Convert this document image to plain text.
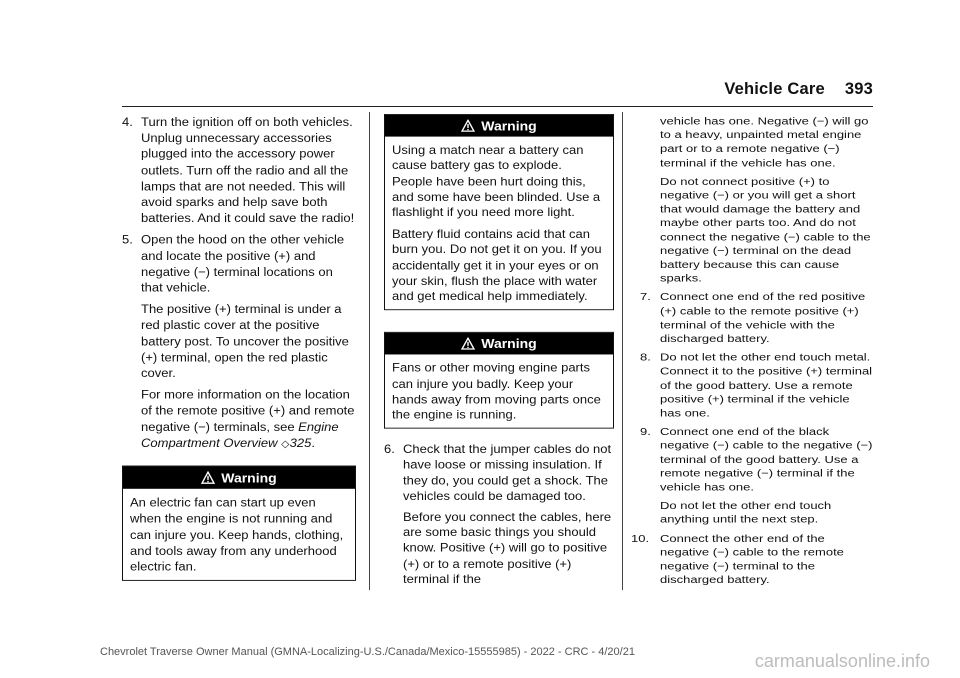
Vehicle Care 393
4. Turn the ignition off on both vehicles. Unplug unnecessary accessories plugged into the accessory power outlets. Turn off the radio and all the lamps that are not needed. This will avoid sparks and help save both batteries. And it could save the radio!

5. Open the hood on the other vehicle and locate the positive (+) and negative (−) terminal locations on that vehicle.

The positive (+) terminal is under a red plastic cover at the positive battery post. To uncover the positive (+) terminal, open the red plastic cover.

For more information on the location of the remote positive (+) and remote negative (−) terminals, see Engine Compartment Overview ◇325.

Warning

An electric fan can start up even when the engine is not running and can injure you. Keep hands, clothing, and tools away from any underhood electric fan.

Warning

Using a match near a battery can cause battery gas to explode. People have been hurt doing this, and some have been blinded. Use a flashlight if you need more light.

Battery fluid contains acid that can burn you. Do not get it on you. If you accidentally get it in your eyes or on your skin, flush the place with water and get medical help immediately.

Warning

Fans or other moving engine parts can injure you badly. Keep your hands away from moving parts once the engine is running.

6. Check that the jumper cables do not have loose or missing insulation. If they do, you could get a shock. The vehicles could be damaged too.

Before you connect the cables, here are some basic things you should know. Positive (+) will go to positive (+) or to a remote positive (+) terminal if the

vehicle has one. Negative (−) will go to a heavy, unpainted metal engine part or to a remote negative (−) terminal if the vehicle has one.

Do not connect positive (+) to negative (−) or you will get a short that would damage the battery and maybe other parts too. And do not connect the negative (−) cable to the negative (−) terminal on the dead battery because this can cause sparks.

7. Connect one end of the red positive (+) cable to the remote positive (+) terminal of the vehicle with the discharged battery.

8. Do not let the other end touch metal. Connect it to the positive (+) terminal of the good battery. Use a remote positive (+) terminal if the vehicle has one.

9. Connect one end of the black negative (−) cable to the negative (−) terminal of the good battery. Use a remote negative (−) terminal if the vehicle has one.

Do not let the other end touch anything until the next step.

10. Connect the other end of the negative (−) cable to the remote negative (−) terminal to the discharged battery.

Chevrolet Traverse Owner Manual (GMNA-Localizing-U.S./Canada/Mexico-15555985) - 2022 - CRC - 4/20/21	carmanualsonline.info
